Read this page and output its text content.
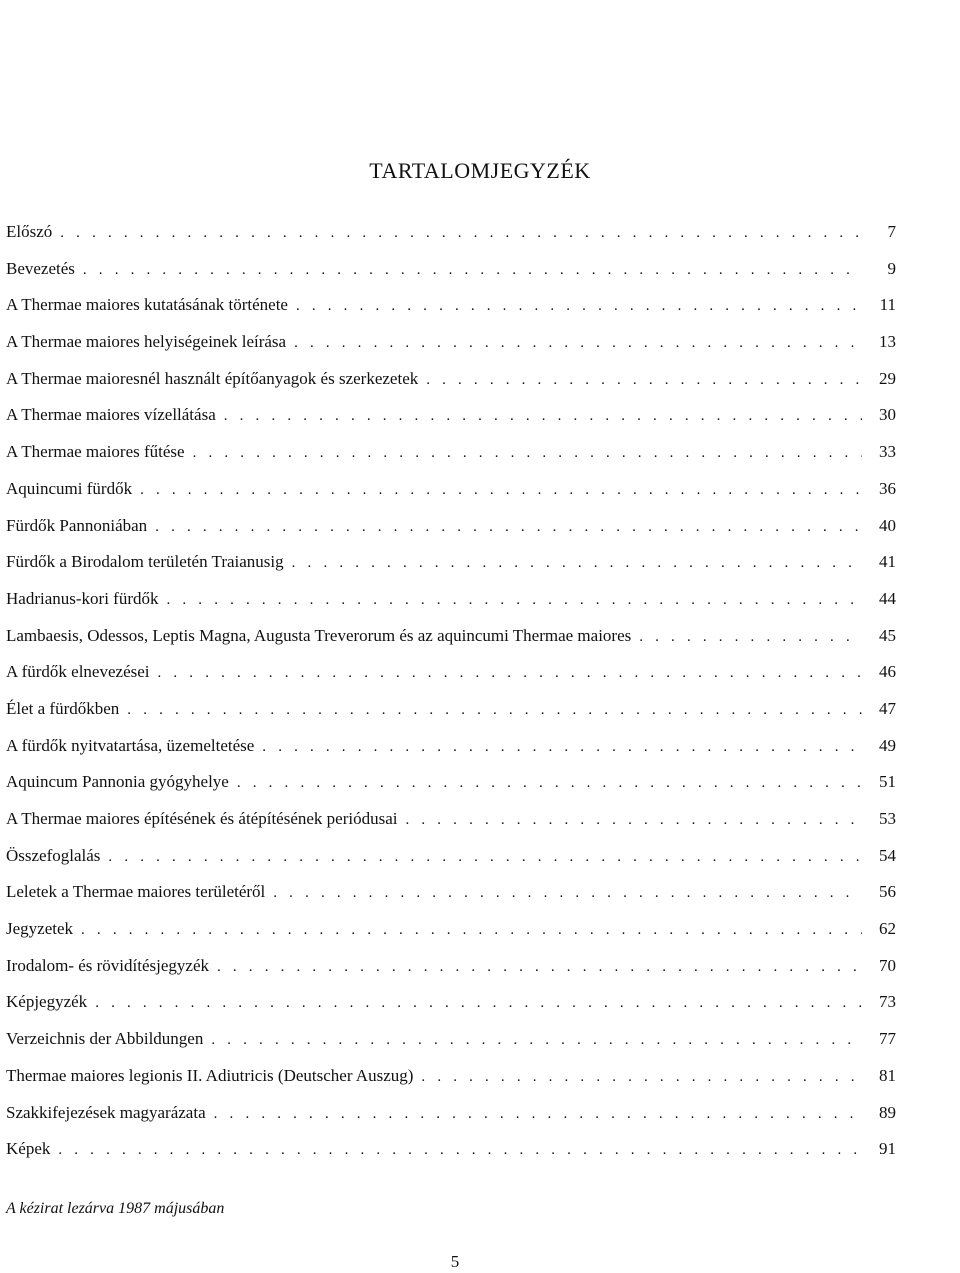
TARTALOMJEGYZÉK
Előszó . . .	7
Bevezetés . . .	9
A Thermae maiores kutatásának története . . .	11
A Thermae maiores helyiségeinek leírása . . .	13
A Thermae maioresnél használt építőanyagok és szerkezetek . . .	29
A Thermae maiores vízellátása . . .	30
A Thermae maiores fűtése . . .	33
Aquincumi fürdők . . .	36
Fürdők Pannoniában . . .	40
Fürdők a Birodalom területén Traianusig . . .	41
Hadrianus-kori fürdők . . .	44
Lambaesis, Odessos, Leptis Magna, Augusta Treverorum és az aquincumi Thermae maiores . . .	45
A fürdők elnevezései . . .	46
Élet a fürdőkben . . .	47
A fürdők nyitvatartása, üzemeltetése . . .	49
Aquincum Pannonia gyógyhelye . . .	51
A Thermae maiores építésének és átépítésének periódusai . . .	53
Összefoglalás . . .	54
Leletek a Thermae maiores területéről . . .	56
Jegyzetek . . .	62
Irodalom- és rövidítésjegyzék . . .	70
Képjegyzék . . .	73
Verzeichnis der Abbildungen . . .	77
Thermae maiores legionis II. Adiutricis (Deutscher Auszug) . . .	81
Szakkifejezések magyarázata . . .	89
Képek . . .	91
A kézirat lezárva 1987 májusában
5
